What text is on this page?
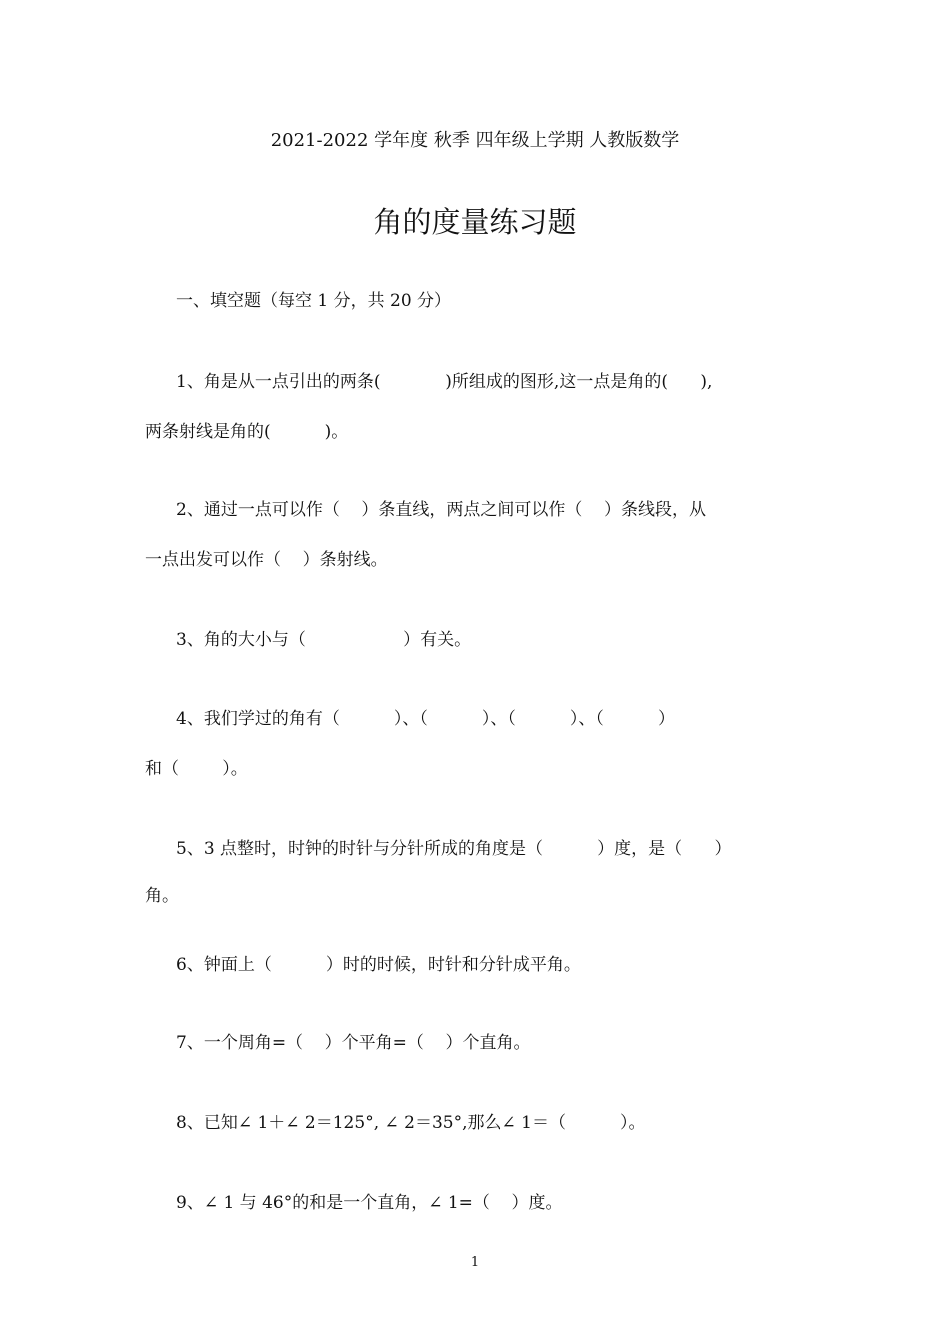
2021-2022 学年度 秋季 四年级上学期 人教版数学
角的度量练习题
一、填空题（每空 1 分，共 20 分）
1、角是从一点引出的两条(            )所组成的图形,这一点是角的(      ),
两条射线是角的(          )。
2、通过一点可以作（    ）条直线，两点之间可以作（    ）条线段，从
一点出发可以作（    ）条射线。
3、角的大小与（                  ）有关。
4、我们学过的角有（          ）、（          ）、（          ）、（          ）
和（        ）。
5、3 点整时，时钟的时针与分针所成的角度是（          ）度，是（      ）
角。
6、钟面上（          ）时的时候，时针和分针成平角。
7、一个周角=（    ）个平角=（    ）个直角。
8、已知∠ 1＋∠ 2＝125°, ∠ 2＝35°,那么∠ 1＝（          ）。
9、∠ 1 与 46°的和是一个直角，∠ 1=（    ）度。
1
